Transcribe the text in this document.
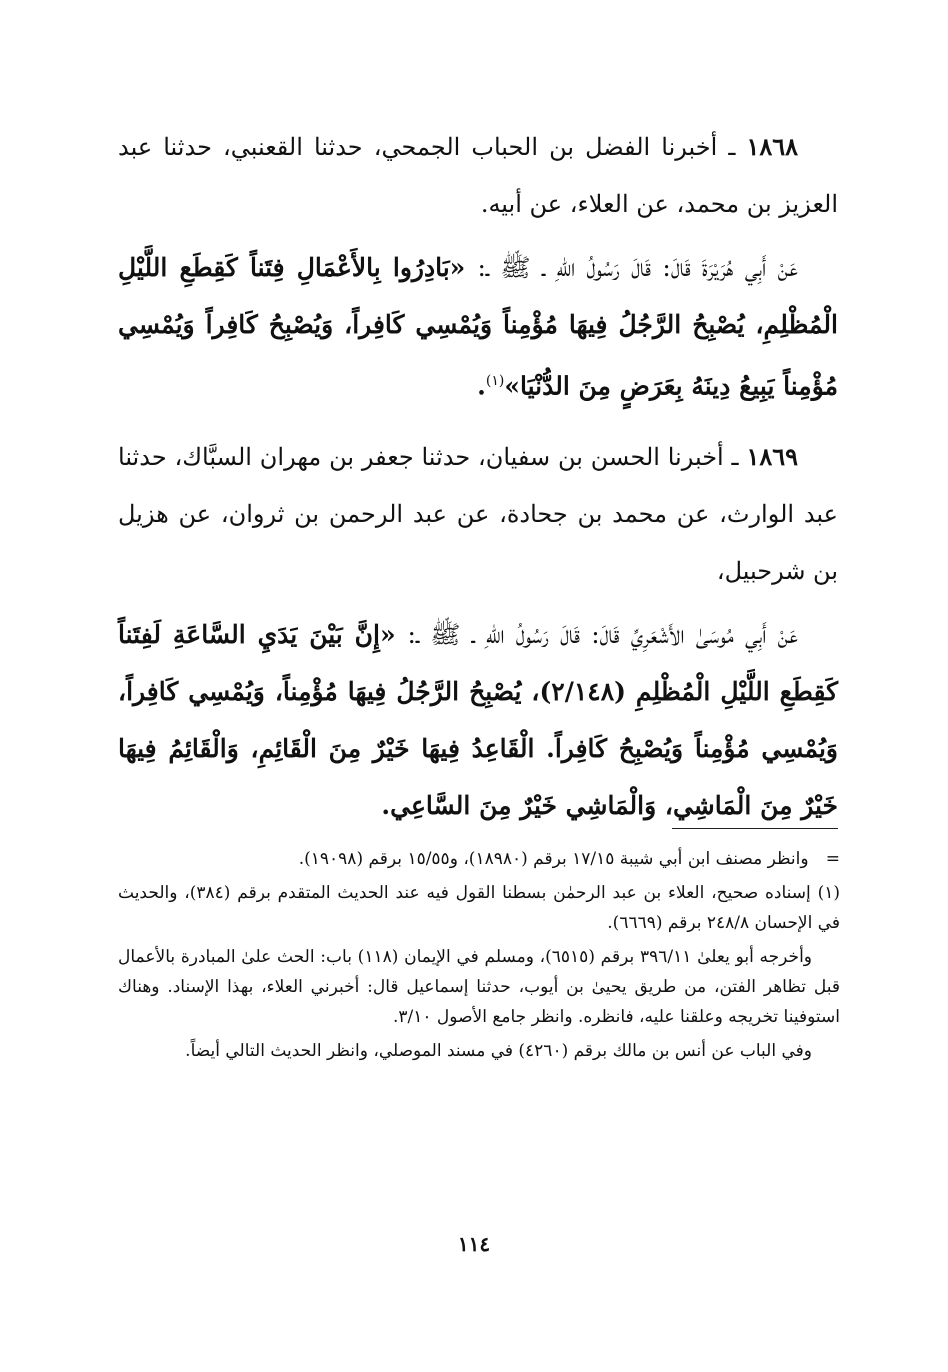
١٨٦٨ ـ أخبرنا الفضل بن الحباب الجمحي، حدثنا القعنبي، حدثنا عبد العزيز بن محمد، عن العلاء، عن أبيه.

عَنْ أَبِي هُرَيْرَةَ قَالَ: قَالَ رَسُولُ اللهِ ـ ﷺ ـ: «بَادِرُوا بِالأَعْمَالِ فِتَناً كَقِطَعِ اللَّيْلِ الْمُظْلِمِ، يُصْبِحُ الرَّجُلُ فِيهَا مُؤْمِناً وَيُمْسِي كَافِراً، وَيُصْبِحُ كَافِراً وَيُمْسِي مُؤْمِناً يَبِيعُ دِينَهُ بِعَرَضٍ مِنَ الدُّنْيَا»$^{(١)}$.

١٨٦٩ ـ أخبرنا الحسن بن سفيان، حدثنا جعفر بن مهران السبَّاك، حدثنا عبد الوارث، عن محمد بن جحادة، عن عبد الرحمن بن ثروان، عن هزيل بن شرحبيل،

عَنْ أَبِي مُوسَىٰ الأَشْعَرِيِّ قَالَ: قَالَ رَسُولُ اللهِ ـ ﷺ ـ: «إِنَّ بَيْنَ يَدَيِ السَّاعَةِ لَفِتَناً كَقِطَعِ اللَّيْلِ الْمُظْلِمِ (٢/١٤٨)، يُصْبِحُ الرَّجُلُ فِيهَا مُؤْمِناً، وَيُمْسِي كَافِراً، وَيُمْسِي مُؤْمِناً وَيُصْبِحُ كَافِراً. الْقَاعِدُ فِيهَا خَيْرٌ مِنَ الْقَائِمِ، وَالْقَائِمُ فِيهَا خَيْرٌ مِنَ الْمَاشِي، وَالْمَاشِي خَيْرٌ مِنَ السَّاعِي.

= وانظر مصنف ابن أبي شيبة ١٧/١٥ برقم (١٨٩٨٠)، و١٥/٥٥ برقم (١٩٠٩٨).

(١) إسناده صحيح، العلاء بن عبد الرحمٰن بسطنا القول فيه عند الحديث المتقدم برقم (٣٨٤)، والحديث في الإحسان ٢٤٨/٨ برقم (٦٦٦٩).

وأخرجه أبو يعلىٰ ٣٩٦/١١ برقم (٦٥١٥)، ومسلم في الإيمان (١١٨) باب: الحث علىٰ المبادرة بالأعمال قبل تظاهر الفتن، من طريق يحيىٰ بن أيوب، حدثنا إسماعيل قال: أخبرني العلاء، بهذا الإسناد. وهناك استوفينا تخريجه وعلقنا عليه، فانظره. وانظر جامع الأصول ٣/١٠.

وفي الباب عن أنس بن مالك برقم (٤٢٦٠) في مسند الموصلي، وانظر الحديث التالي أيضاً.

١١٤
